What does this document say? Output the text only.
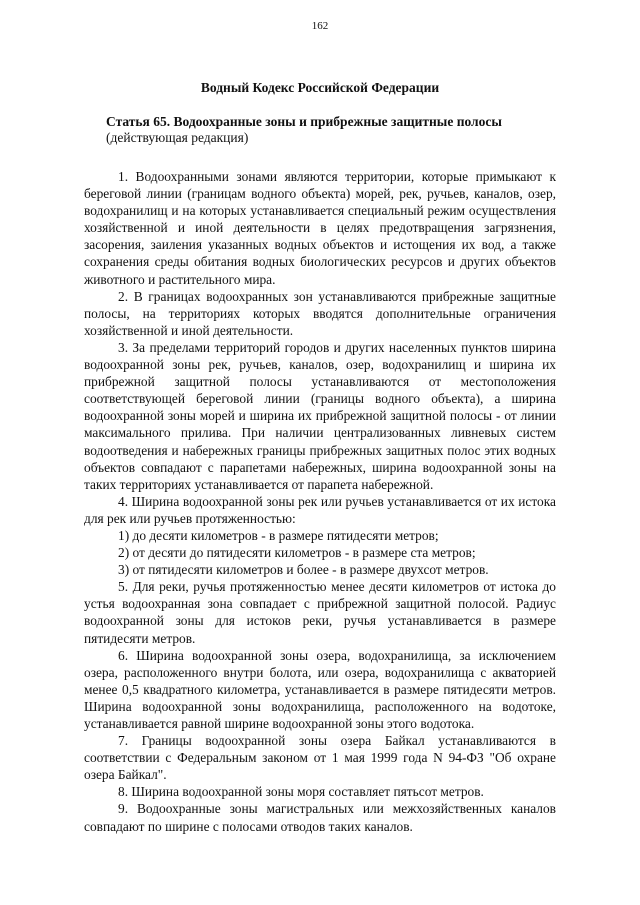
162
Водный Кодекс Российской Федерации
Статья 65. Водоохранные зоны и прибрежные защитные полосы
(действующая редакция)

1. Водоохранными зонами являются территории, которые примыкают к береговой линии (границам водного объекта) морей, рек, ручьев, каналов, озер, водохранилищ и на которых устанавливается специальный режим осуществления хозяйственной и иной деятельности в целях предотвращения загрязнения, засорения, заиления указанных водных объектов и истощения их вод, а также сохранения среды обитания водных биологических ресурсов и других объектов животного и растительного мира.

2. В границах водоохранных зон устанавливаются прибрежные защитные полосы, на территориях которых вводятся дополнительные ограничения хозяйственной и иной деятельности.

3. За пределами территорий городов и других населенных пунктов ширина водоохранной зоны рек, ручьев, каналов, озер, водохранилищ и ширина их прибрежной защитной полосы устанавливаются от местоположения соответствующей береговой линии (границы водного объекта), а ширина водоохранной зоны морей и ширина их прибрежной защитной полосы - от линии максимального прилива. При наличии централизованных ливневых систем водоотведения и набережных границы прибрежных защитных полос этих водных объектов совпадают с парапетами набережных, ширина водоохранной зоны на таких территориях устанавливается от парапета набережной.

4. Ширина водоохранной зоны рек или ручьев устанавливается от их истока для рек или ручьев протяженностью:

1) до десяти километров - в размере пятидесяти метров;

2) от десяти до пятидесяти километров - в размере ста метров;

3) от пятидесяти километров и более - в размере двухсот метров.

5. Для реки, ручья протяженностью менее десяти километров от истока до устья водоохранная зона совпадает с прибрежной защитной полосой. Радиус водоохранной зоны для истоков реки, ручья устанавливается в размере пятидесяти метров.

6. Ширина водоохранной зоны озера, водохранилища, за исключением озера, расположенного внутри болота, или озера, водохранилища с акваторией менее 0,5 квадратного километра, устанавливается в размере пятидесяти метров. Ширина водоохранной зоны водохранилища, расположенного на водотоке, устанавливается равной ширине водоохранной зоны этого водотока.

7. Границы водоохранной зоны озера Байкал устанавливаются в соответствии с Федеральным законом от 1 мая 1999 года N 94-ФЗ "Об охране озера Байкал".

8. Ширина водоохранной зоны моря составляет пятьсот метров.

9. Водоохранные зоны магистральных или межхозяйственных каналов совпадают по ширине с полосами отводов таких каналов.
